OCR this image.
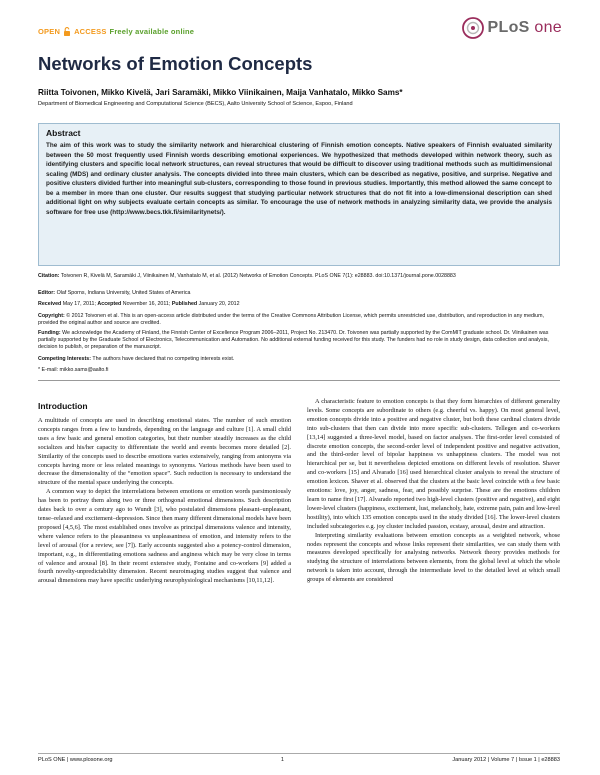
OPEN ACCESS Freely available online	PLoS one
Networks of Emotion Concepts
Riitta Toivonen, Mikko Kivelä, Jari Saramäki, Mikko Viinikainen, Maija Vanhatalo, Mikko Sams*
Department of Biomedical Engineering and Computational Science (BECS), Aalto University School of Science, Espoo, Finland
Abstract
The aim of this work was to study the similarity network and hierarchical clustering of Finnish emotion concepts. Native speakers of Finnish evaluated similarity between the 50 most frequently used Finnish words describing emotional experiences. We hypothesized that methods developed within network theory, such as identifying clusters and specific local network structures, can reveal structures that would be difficult to discover using traditional methods such as multidimensional scaling (MDS) and ordinary cluster analysis. The concepts divided into three main clusters, which can be described as negative, positive, and surprise. Negative and positive clusters divided further into meaningful sub-clusters, corresponding to those found in previous studies. Importantly, this method allowed the same concept to be a member in more than one cluster. Our results suggest that studying particular network structures that do not fit into a low-dimensional description can shed additional light on why subjects evaluate certain concepts as similar. To encourage the use of network methods in analyzing similarity data, we provide the analysis software for free use (http://www.becs.tkk.fi/similaritynets/).
Citation: Toivonen R, Kivelä M, Saramäki J, Viinikainen M, Vanhatalo M, et al. (2012) Networks of Emotion Concepts. PLoS ONE 7(1): e28883. doi:10.1371/journal.pone.0028883
Editor: Olaf Sporns, Indiana University, United States of America
Received May 17, 2011; Accepted November 16, 2011; Published January 20, 2012
Copyright: © 2012 Toivonen et al. This is an open-access article distributed under the terms of the Creative Commons Attribution License, which permits unrestricted use, distribution, and reproduction in any medium, provided the original author and source are credited.
Funding: We acknowledge the Academy of Finland, the Finnish Center of Excellence Program 2006–2011, Project No. 213470. Dr. Toivonen was partially supported by the ComMIT graduate school. Dr. Viinikainen was partially supported by the Graduate School of Electronics, Telecommunication and Automation. No additional external funding received for this study. The funders had no role in study design, data collection and analysis, decision to publish, or preparation of the manuscript.
Competing Interests: The authors have declared that no competing interests exist.
* E-mail: mikko.sams@aalto.fi
Introduction

A multitude of concepts are used in describing emotional states. The number of such emotion concepts ranges from a few to hundreds, depending on the language and culture [1]. A small child uses a few basic and general emotion categories, but their number steadily increases as the child socializes and his/her capacity to differentiate the world and events becomes more detailed [2]. Similarity of the concepts used to describe emotions varies extensively, ranging from antonyms via concepts having more or less related meanings to synonyms. Various methods have been used to decrease the dimensionality of the “emotion space”. Such reduction is necessary to understand the structure of the mental space underlying the concepts.

A common way to depict the interrelations between emotions or emotion words parsimoniously has been to portray them along two or three orthogonal emotional dimensions. Such description dates back to over a century ago to Wundt [3], who postulated dimensions pleasant–unpleasant, tense–relaxed and excitement–depression. Since then many different dimensional models have been proposed [4,5,6]. The most established ones involve as principal dimensions valence and intensity, where valence refers to the pleasantness vs unpleasantness of emotion, and intensity refers to the level of arousal (for a review, see [7]). Early accounts suggested also a potency-control dimension, important, e.g., in differentiating emotions sadness and anginess which may be very close in terms of valence and arousal [8]. In their recent extensive study, Fontaine and co-workers [9] added a fourth novelty-unpredictability dimension. Recent neuroimaging studies suggest that valence and arousal dimensions may have specific underlying neurophysiological mechanisms [10,11,12].

A characteristic feature to emotion concepts is that they form hierarchies of different generality levels. Some concepts are subordinate to others (e.g. cheerful vs. happy). On most general level, emotion concepts divide into a positive and negative cluster, but both these cardinal clusters divide into sub-clusters that then can divide into more specific sub-clusters. Tellegen and co-workers [13,14] suggested a three-level model, based on factor analyses. The first-order level consisted of discrete emotion concepts, the second-order level of independent positive and negative activation, and the third-order level of bipolar happiness vs unhappiness clusters. The model was not hierarchical per se, but it nevertheless depicted emotions on different levels of resolution. Shaver and co-workers [15] and Alvarado [16] used hierarchical cluster analysis to reveal the structure of emotion lexicon. Shaver et al. observed that the clusters at the basic level coincide with a few basic emotions: love, joy, anger, sadness, fear, and possibly surprise. These are the emotions children learn to name first [17]. Alvarado reported two high-level clusters (positive and negative), and eight lower-level clusters (happiness, excitement, lust, melancholy, hate, extreme pain, pain and low-level hostility), into which 135 emotion concepts used in the study divided [16]. The lower-level clusters included subcategories e.g. joy cluster included passion, ecstasy, arousal, desire and attraction.

Interpreting similarity evaluations between emotion concepts as a weighted network, whose nodes represent the concepts and whose links represent their similarities, we can study them with measures developed specifically for analysing networks. Network theory provides methods for studying the structure of interrelations between elements, from the global level at which the whole network is taken into account, through the intermediate level to the detailed level at which small groups of elements are considered

PLoS ONE | www.plosone.org	1	January 2012 | Volume 7 | Issue 1 | e28883
